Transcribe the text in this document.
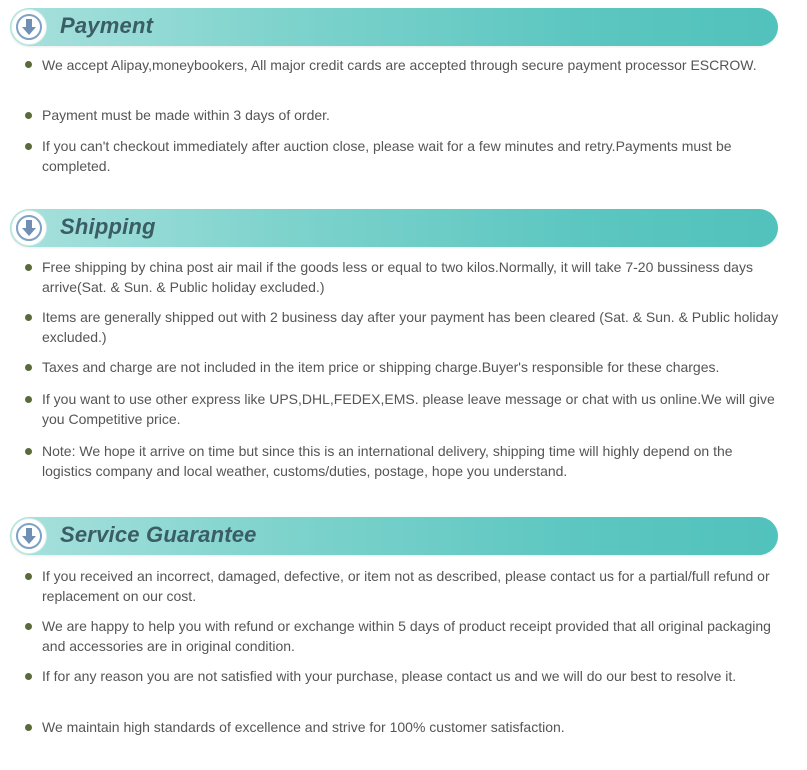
Payment
We accept Alipay,moneybookers, All major credit cards are accepted through secure payment processor ESCROW.
Payment must be made within 3 days of order.
If you can't checkout immediately after auction close, please wait for a few minutes and retry.Payments must be completed.
Shipping
Free shipping by china post air mail if the goods less or equal to two kilos.Normally, it will take 7-20 bussiness days arrive(Sat. & Sun. & Public holiday excluded.)
Items are generally shipped out with 2 business day after your payment has been cleared (Sat. & Sun. & Public holiday excluded.)
Taxes and charge are not included in the item price or shipping charge.Buyer's responsible for these charges.
If you want to use other express like UPS,DHL,FEDEX,EMS. please leave message or chat with us online.We will give you Competitive price.
Note: We hope it arrive on time but since this is an international delivery, shipping time will highly depend on the logistics company and local weather, customs/duties, postage, hope you understand.
Service Guarantee
If you received an incorrect, damaged, defective, or item not as described, please contact us for a partial/full refund or replacement on our cost.
We are happy to help you with refund or exchange within 5 days of product receipt provided that all original packaging and accessories are in original condition.
If for any reason you are not satisfied with your purchase, please contact us and we will do our best to resolve it.
We maintain high standards of excellence and strive for 100% customer satisfaction.
